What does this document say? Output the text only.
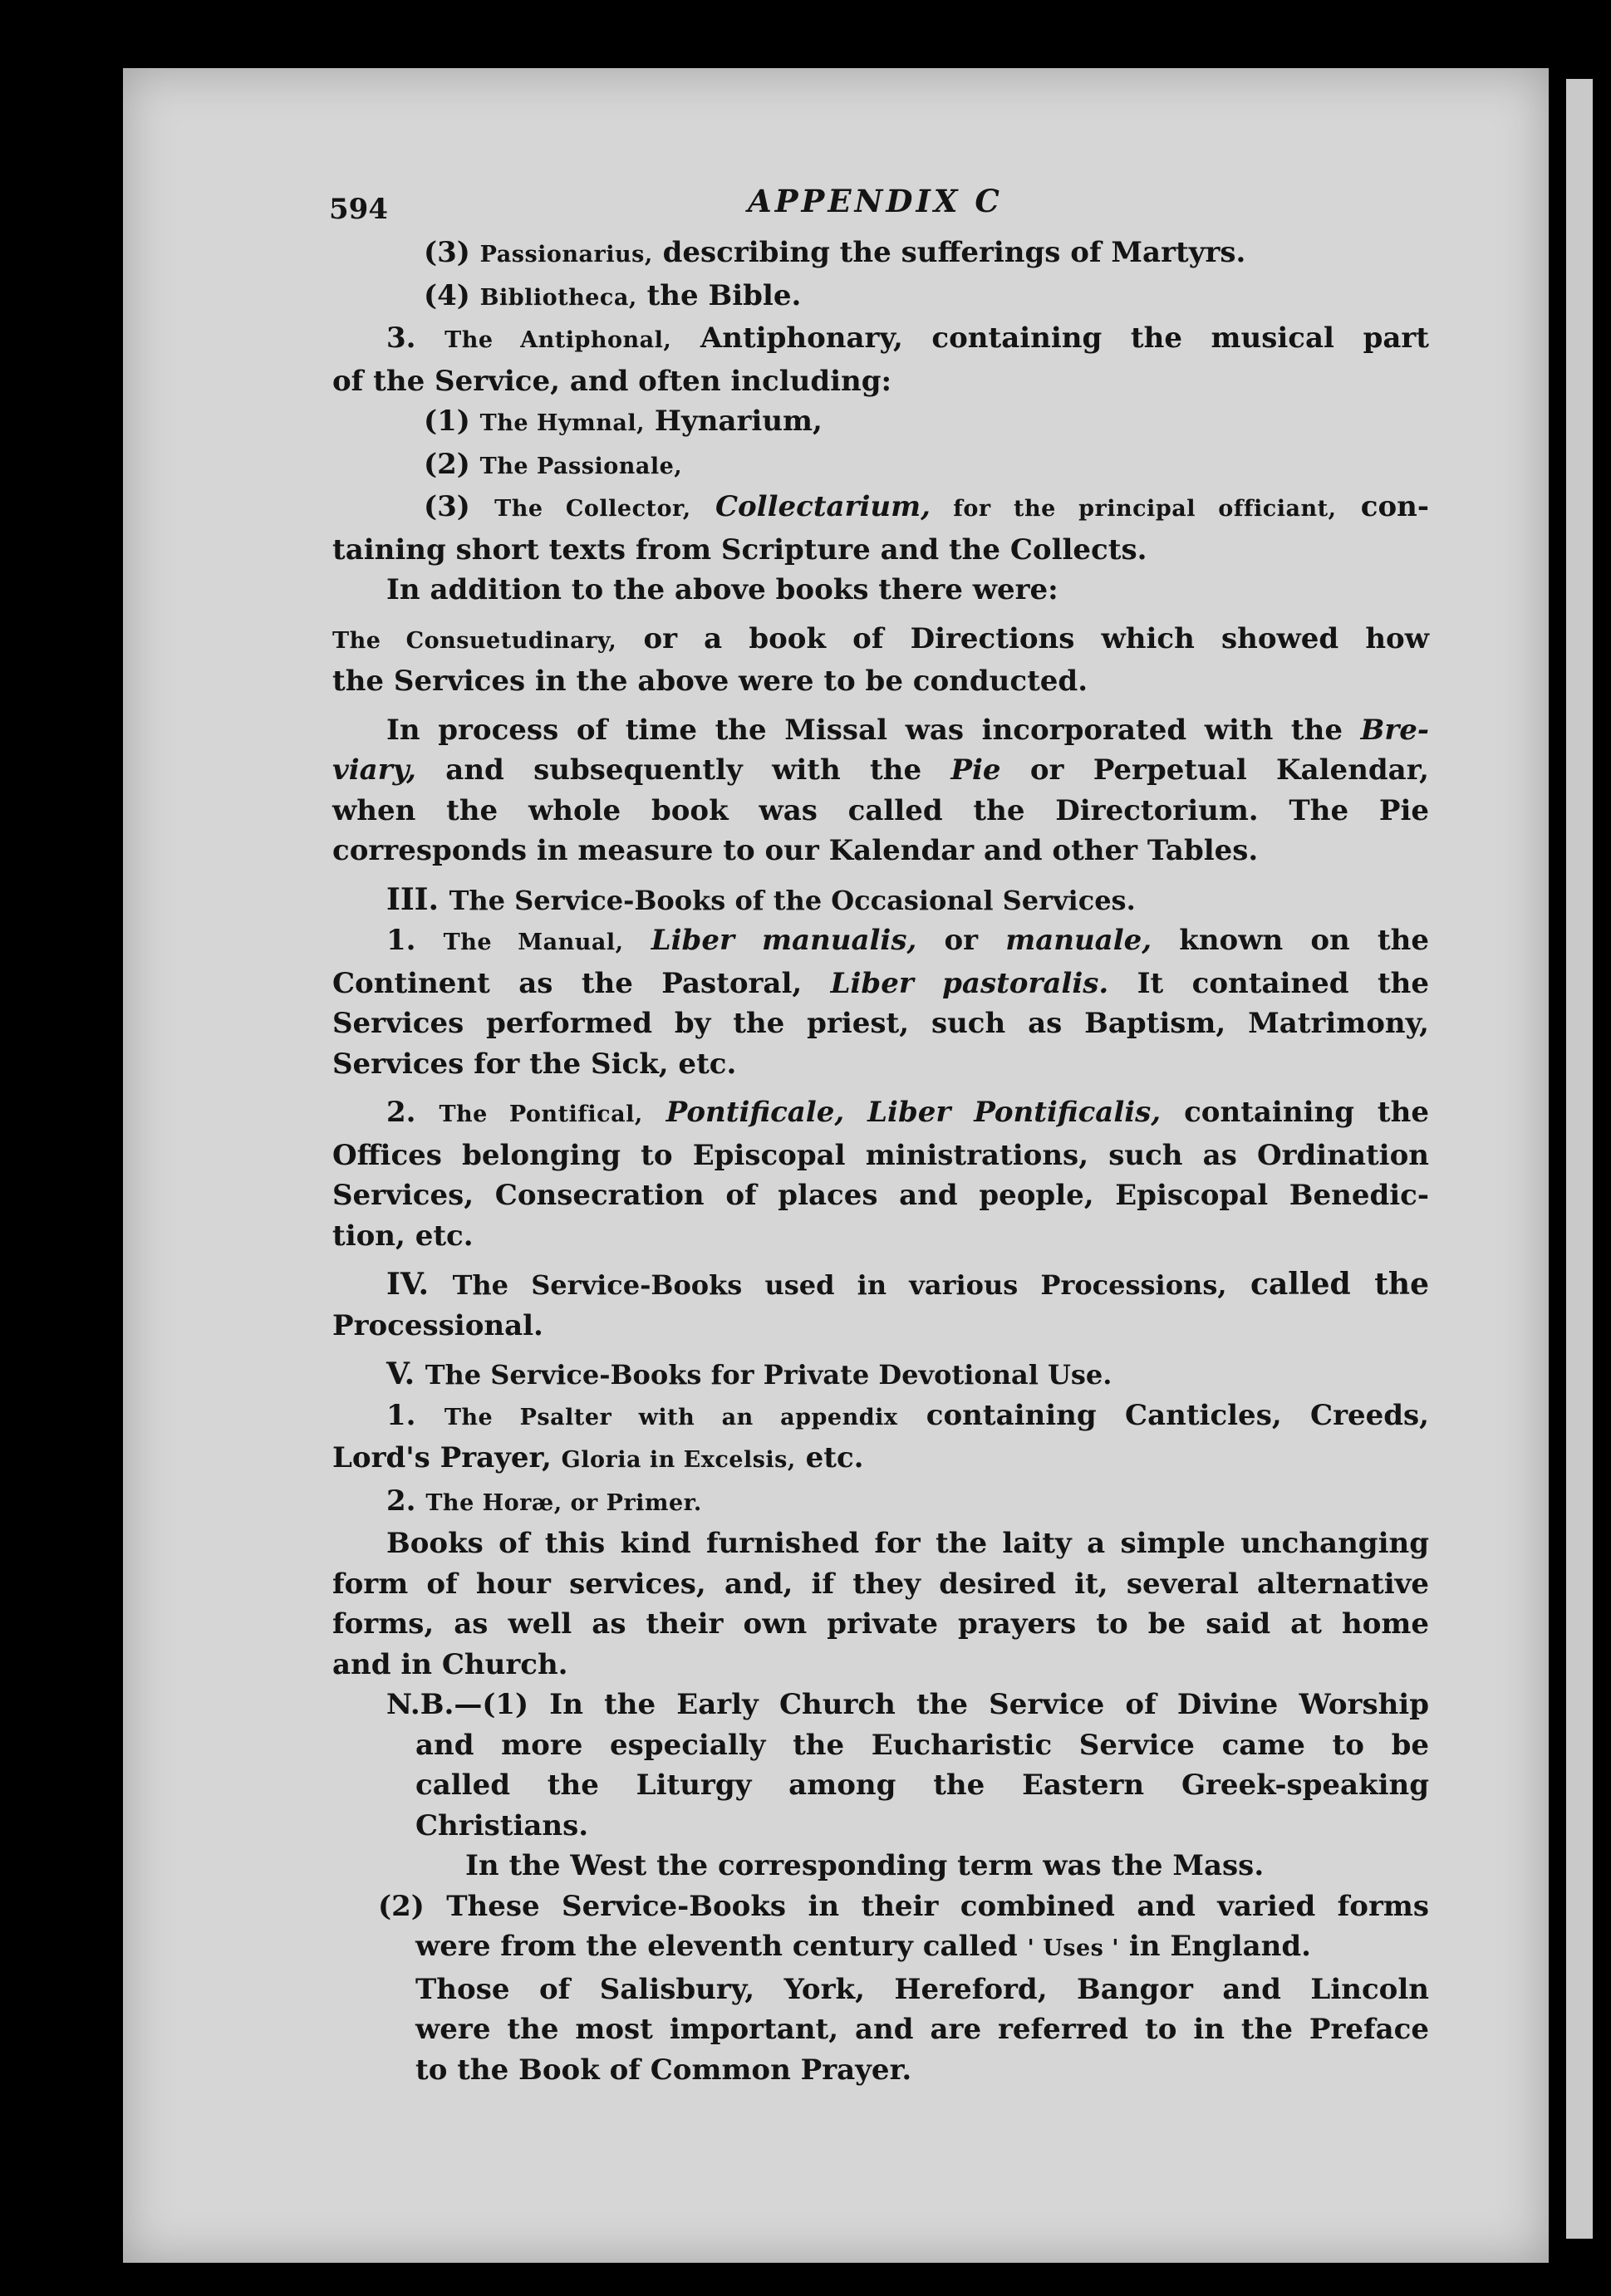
594	APPENDIX C
(3) Passionarius, describing the sufferings of Martyrs.
(4) Bibliotheca, the Bible.
3. The Antiphonal, Antiphonary, containing the musical part
of the Service, and often including:
(1) The Hymnal, Hynarium,
(2) The Passionale,
(3) The Collector, Collectarium, for the principal officiant, con-
taining short texts from Scripture and the Collects.
In addition to the above books there were:
The Consuetudinary, or a book of Directions which showed how
the Services in the above were to be conducted.
In process of time the Missal was incorporated with the Bre-
viary, and subsequently with the Pie or Perpetual Kalendar,
when the whole book was called the Directorium. The Pie
corresponds in measure to our Kalendar and other Tables.
III. The Service-Books of the Occasional Services.
1. The Manual, Liber manualis, or manuale, known on the
Continent as the Pastoral, Liber pastoralis. It contained the
Services performed by the priest, such as Baptism, Matrimony,
Services for the Sick, etc.
2. The Pontifical, Pontificale, Liber Pontificalis, containing the
Offices belonging to Episcopal ministrations, such as Ordination
Services, Consecration of places and people, Episcopal Benedic-
tion, etc.
IV. The Service-Books used in various Processions, called the
Processional.
V. The Service-Books for Private Devotional Use.
1. The Psalter with an appendix containing Canticles, Creeds,
Lord's Prayer, Gloria in Excelsis, etc.
2. The Horæ, or Primer.
Books of this kind furnished for the laity a simple unchanging
form of hour services, and, if they desired it, several alternative
forms, as well as their own private prayers to be said at home
and in Church.
N.B.—(1) In the Early Church the Service of Divine Worship
and more especially the Eucharistic Service came to be
called the Liturgy among the Eastern Greek-speaking
Christians.
In the West the corresponding term was the Mass.
(2) These Service-Books in their combined and varied forms
were from the eleventh century called ' Uses ' in England.
Those of Salisbury, York, Hereford, Bangor and Lincoln
were the most important, and are referred to in the Preface
to the Book of Common Prayer.
